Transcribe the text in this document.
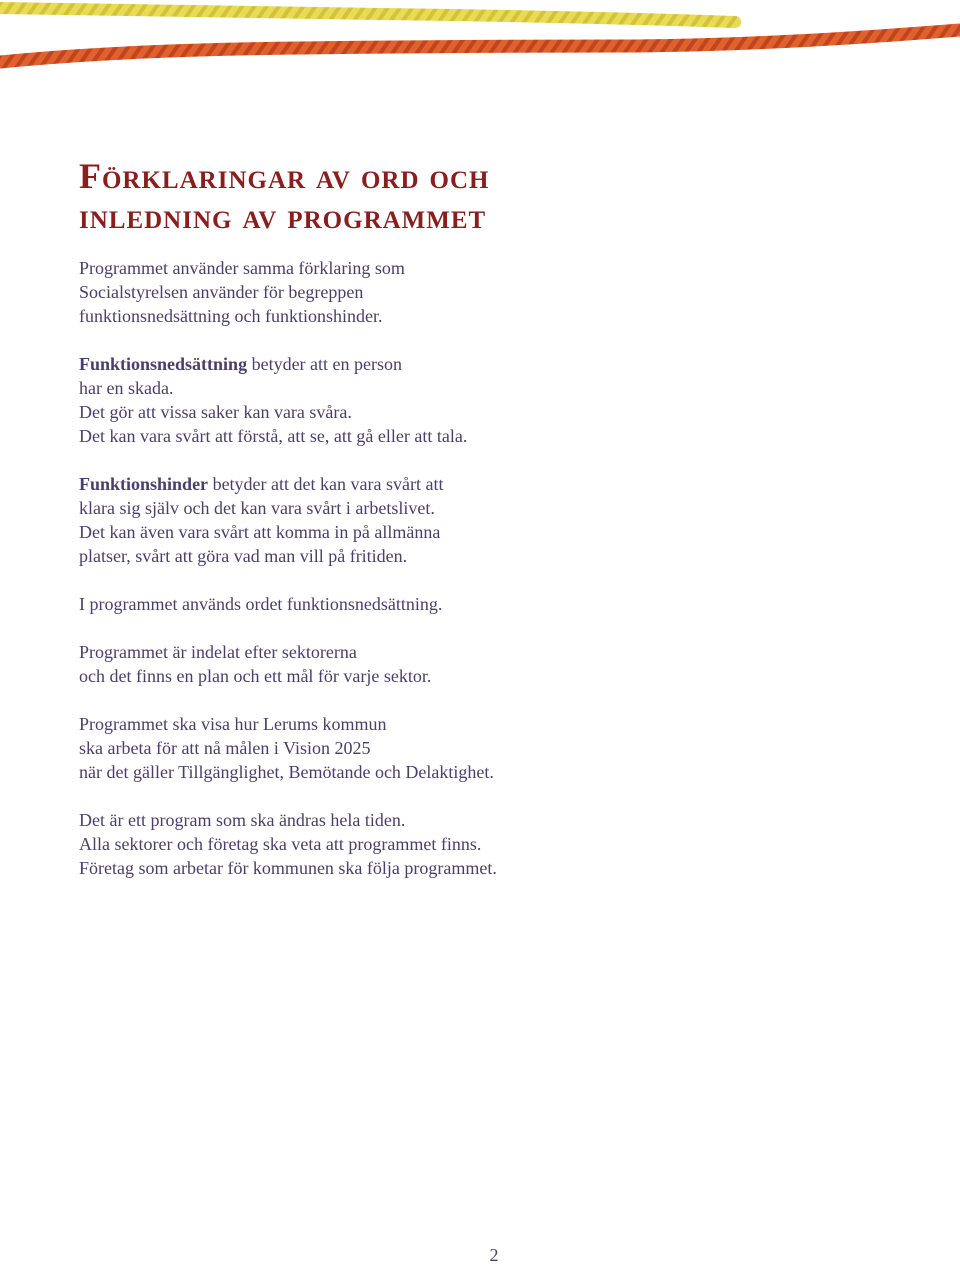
Förklaringar av ord och
inledning av programmet

Programmet använder samma förklaring som
Socialstyrelsen använder för begreppen
funktionsnedsättning och funktionshinder.

Funktionsnedsättning betyder att en person
har en skada.
Det gör att vissa saker kan vara svåra.
Det kan vara svårt att förstå, att se, att gå eller att tala.

Funktionshinder betyder att det kan vara svårt att
klara sig själv och det kan vara svårt i arbetslivet.
Det kan även vara svårt att komma in på allmänna
platser, svårt att göra vad man vill på fritiden.

I programmet används ordet funktionsnedsättning.

Programmet är indelat efter sektorerna
och det finns en plan och ett mål för varje sektor.

Programmet ska visa hur Lerums kommun
ska arbeta för att nå målen i Vision 2025
när det gäller Tillgänglighet, Bemötande och Delaktighet.

Det är ett program som ska ändras hela tiden.
Alla sektorer och företag ska veta att programmet finns.
Företag som arbetar för kommunen ska följa programmet.

2
